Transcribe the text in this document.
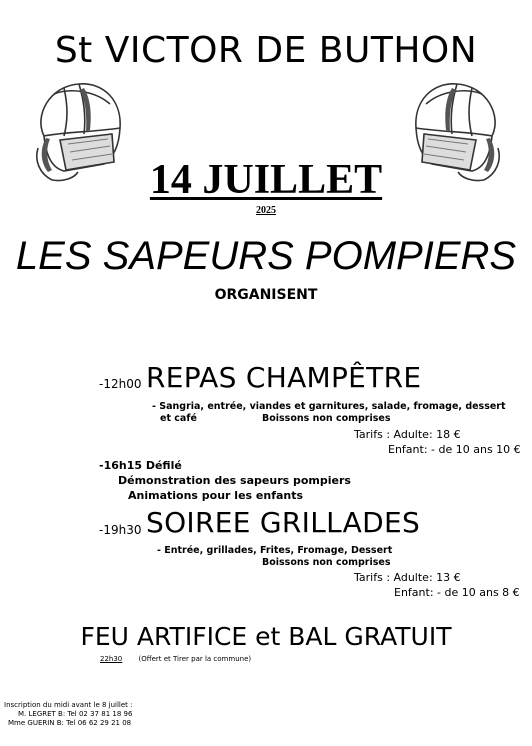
St VICTOR DE BUTHON
14 JUILLET
2025
LES SAPEURS POMPIERS
ORGANISENT
-12h00 REPAS CHAMPÊTRE
- Sangria, entrée, viandes et garnitures, salade, fromage, dessert
et café	Boissons non comprises
Tarifs : Adulte: 18 €
Enfant: - de 10 ans 10 €
-16h15 Défilé
Démonstration des sapeurs pompiers
Animations pour les enfants
-19h30 SOIREE GRILLADES
- Entrée, grillades, Frites, Fromage, Dessert
Boissons non comprises
Tarifs : Adulte: 13 €
Enfant: - de 10 ans 8 €
FEU ARTIFICE et BAL GRATUIT
22h30 (Offert et Tirer par la commune)
Inscription du midi avant le 8 juillet :
M. LEGRET B: Tel 02 37 81 18 96
Mme GUERIN B: Tel 06 62 29 21 08
